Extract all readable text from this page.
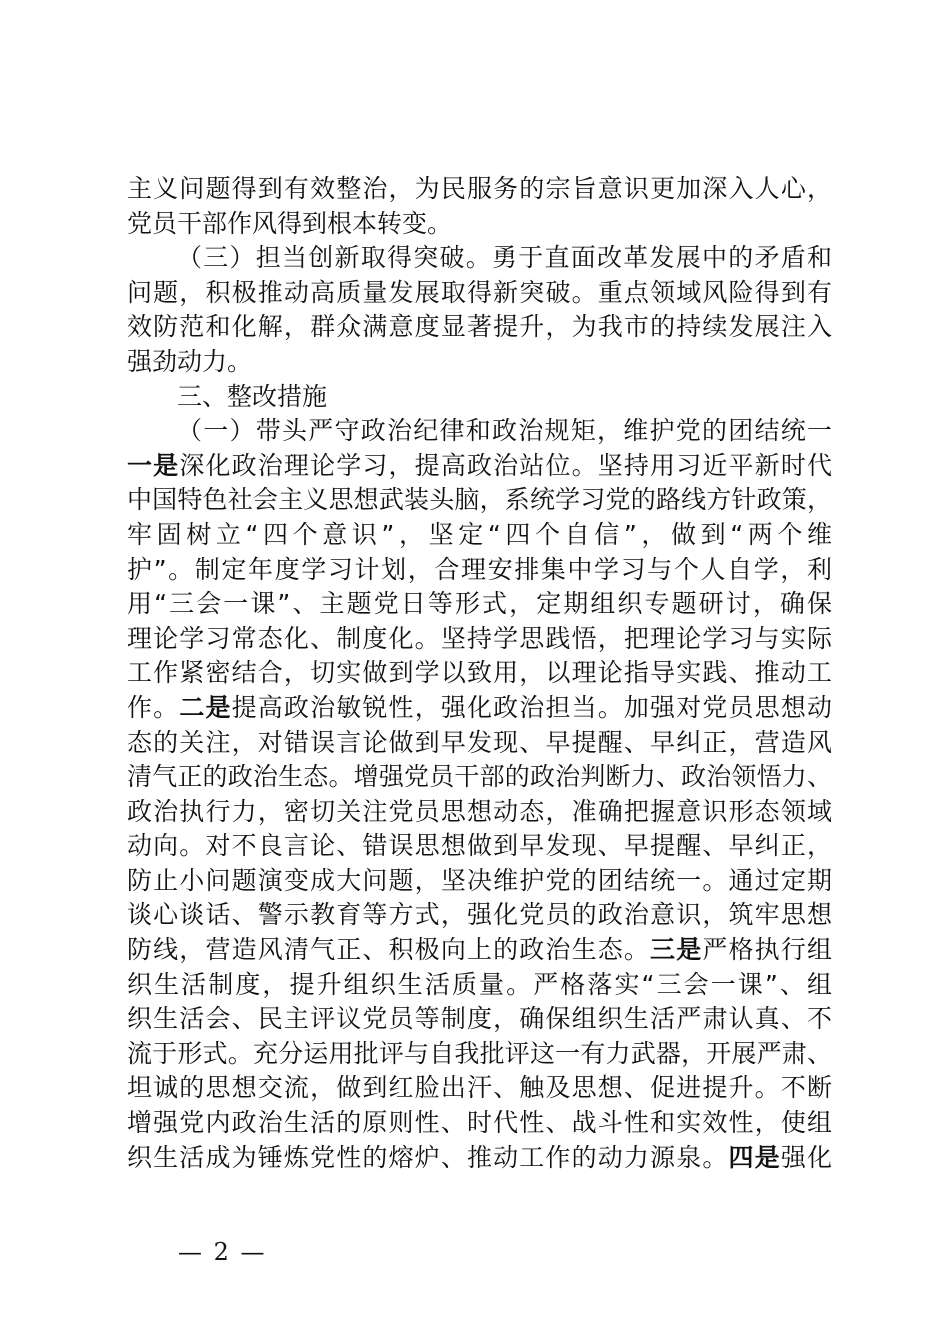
主义问题得到有效整治，为民服务的宗旨意识更加深入人心，
党员干部作风得到根本转变。
（三）担当创新取得突破。勇于直面改革发展中的矛盾和
问题，积极推动高质量发展取得新突破。重点领域风险得到有
效防范和化解，群众满意度显著提升，为我市的持续发展注入
强劲动力。
三、整改措施
（一）带头严守政治纪律和政治规矩，维护党的团结统一
一是深化政治理论学习，提高政治站位。坚持用习近平新时代
中国特色社会主义思想武装头脑，系统学习党的路线方针政策，
牢固树立“四个意识”，坚定“四个自信”，做到“两个维
护”。制定年度学习计划，合理安排集中学习与个人自学，利
用“三会一课”、主题党日等形式，定期组织专题研讨，确保
理论学习常态化、制度化。坚持学思践悟，把理论学习与实际
工作紧密结合，切实做到学以致用，以理论指导实践、推动工
作。二是提高政治敏锐性，强化政治担当。加强对党员思想动
态的关注，对错误言论做到早发现、早提醒、早纠正，营造风
清气正的政治生态。增强党员干部的政治判断力、政治领悟力、
政治执行力，密切关注党员思想动态，准确把握意识形态领域
动向。对不良言论、错误思想做到早发现、早提醒、早纠正，
防止小问题演变成大问题，坚决维护党的团结统一。通过定期
谈心谈话、警示教育等方式，强化党员的政治意识，筑牢思想
防线，营造风清气正、积极向上的政治生态。三是严格执行组
织生活制度，提升组织生活质量。严格落实“三会一课”、组
织生活会、民主评议党员等制度，确保组织生活严肃认真、不
流于形式。充分运用批评与自我批评这一有力武器，开展严肃、
坦诚的思想交流，做到红脸出汗、触及思想、促进提升。不断
增强党内政治生活的原则性、时代性、战斗性和实效性，使组
织生活成为锤炼党性的熔炉、推动工作的动力源泉。四是强化
— 2 —
